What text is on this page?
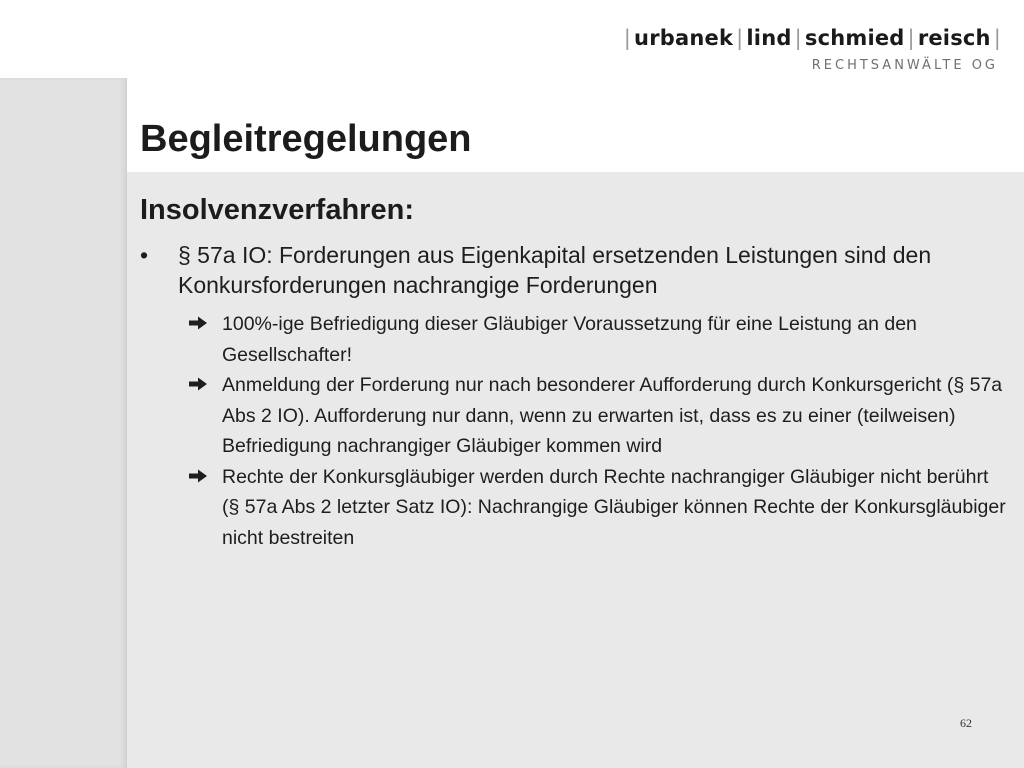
| urbanek | lind | schmied | reisch |
RECHTSANWÄLTE OG
Begleitregelungen
Insolvenzverfahren:
• § 57a IO: Forderungen aus Eigenkapital ersetzenden Leistungen sind den Konkursforderungen nachrangige Forderungen
100%-ige Befriedigung dieser Gläubiger Voraussetzung für eine Leistung an den Gesellschafter!
Anmeldung der Forderung nur nach besonderer Aufforderung durch Konkursgericht (§ 57a Abs 2 IO). Aufforderung nur dann, wenn zu erwarten ist, dass es zu einer (teilweisen) Befriedigung nachrangiger Gläubiger kommen wird
Rechte der Konkursgläubiger werden durch Rechte nachrangiger Gläubiger nicht berührt (§ 57a Abs 2 letzter Satz IO): Nachrangige Gläubiger können Rechte der Konkursgläubiger nicht bestreiten
62
